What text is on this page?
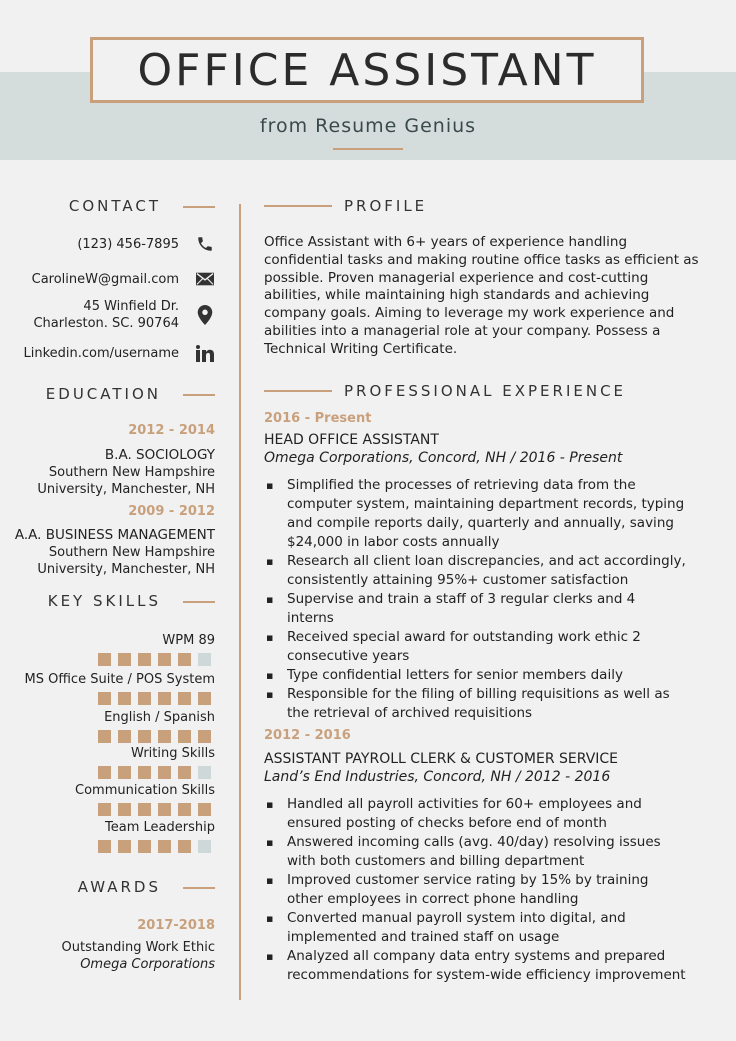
OFFICE ASSISTANT
from Resume Genius
CONTACT
(123) 456-7895
CarolineW@gmail.com
45 Winfield Dr.
Charleston. SC. 90764
Linkedin.com/username
EDUCATION
2012 - 2014
B.A. SOCIOLOGY
Southern New Hampshire
University, Manchester, NH
2009 - 2012
A.A. BUSINESS MANAGEMENT
Southern New Hampshire
University, Manchester, NH
KEY SKILLS
WPM 89
MS Office Suite / POS System
English / Spanish
Writing Skills
Communication Skills
Team Leadership
AWARDS
2017-2018
Outstanding Work Ethic
Omega Corporations
PROFILE
Office Assistant with 6+ years of experience handling
confidential tasks and making routine office tasks as efficient as
possible. Proven managerial experience and cost-cutting
abilities, while maintaining high standards and achieving
company goals. Aiming to leverage my work experience and
abilities into a managerial role at your company. Possess a
Technical Writing Certificate.
PROFESSIONAL EXPERIENCE
2016 - Present
HEAD OFFICE ASSISTANT
Omega Corporations, Concord, NH / 2016 - Present
▪ Simplified the processes of retrieving data from the
computer system, maintaining department records, typing
and compile reports daily, quarterly and annually, saving
$24,000 in labor costs annually
▪ Research all client loan discrepancies, and act accordingly,
consistently attaining 95%+ customer satisfaction
▪ Supervise and train a staff of 3 regular clerks and 4
interns
▪ Received special award for outstanding work ethic 2
consecutive years
▪ Type confidential letters for senior members daily
▪ Responsible for the filing of billing requisitions as well as
the retrieval of archived requisitions
2012 - 2016
ASSISTANT PAYROLL CLERK & CUSTOMER SERVICE
Land’s End Industries, Concord, NH / 2012 - 2016
▪ Handled all payroll activities for 60+ employees and
ensured posting of checks before end of month
▪ Answered incoming calls (avg. 40/day) resolving issues
with both customers and billing department
▪ Improved customer service rating by 15% by training
other employees in correct phone handling
▪ Converted manual payroll system into digital, and
implemented and trained staff on usage
▪ Analyzed all company data entry systems and prepared
recommendations for system-wide efficiency improvement
